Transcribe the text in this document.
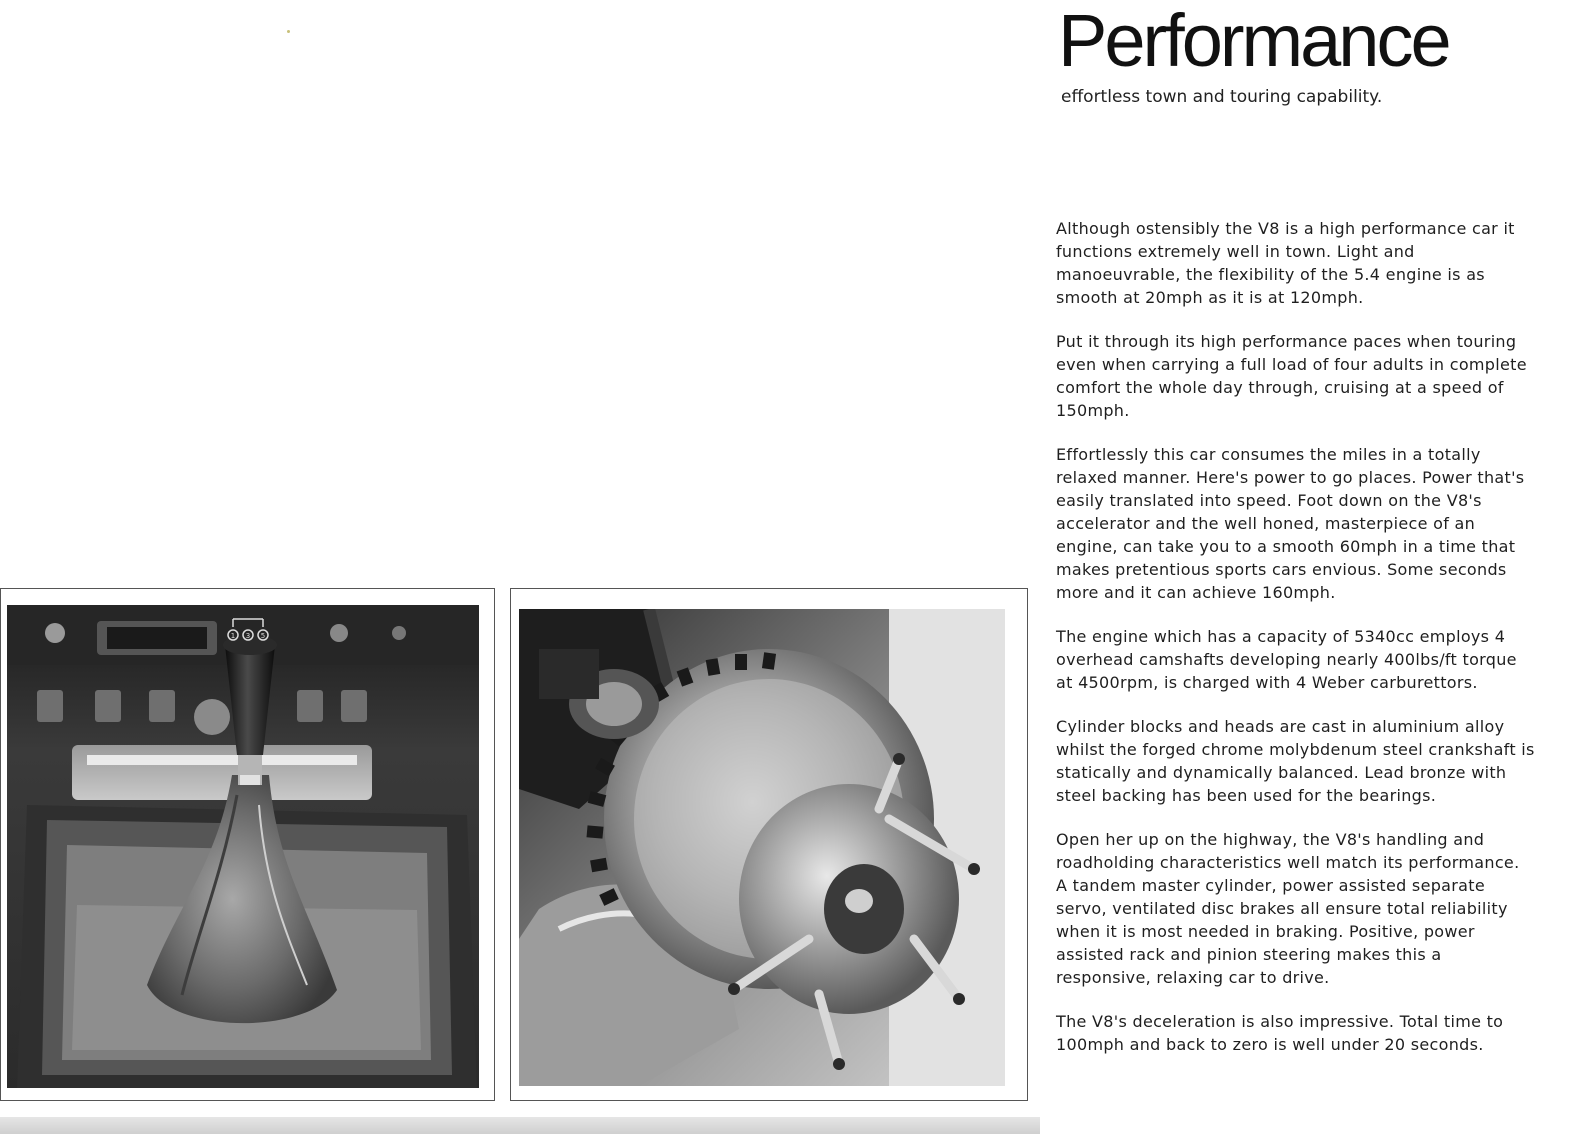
Performance

effortless town and touring capability.

Although ostensibly the V8 is a high performance car it functions extremely well in town. Light and manoeuvrable, the flexibility of the 5.4 engine is as smooth at 20mph as it is at 120mph.

Put it through its high performance paces when touring even when carrying a full load of four adults in complete comfort the whole day through, cruising at a speed of 150mph.

Effortlessly this car consumes the miles in a totally relaxed manner. Here's power to go places. Power that's easily translated into speed. Foot down on the V8's accelerator and the well honed, masterpiece of an engine, can take you to a smooth 60mph in a time that makes pretentious sports cars envious. Some seconds more and it can achieve 160mph.

The engine which has a capacity of 5340cc employs 4 overhead camshafts developing nearly 400lbs/ft torque at 4500rpm, is charged with 4 Weber carburettors.

Cylinder blocks and heads are cast in aluminium alloy whilst the forged chrome molybdenum steel crankshaft is statically and dynamically balanced. Lead bronze with steel backing has been used for the bearings.

Open her up on the highway, the V8's handling and roadholding characteristics well match its performance. A tandem master cylinder, power assisted separate servo, ventilated disc brakes all ensure total reliability when it is most needed in braking. Positive, power assisted rack and pinion steering makes this a responsive, relaxing car to drive.

The V8's deceleration is also impressive. Total time to 100mph and back to zero is well under 20 seconds.

1 3 5
